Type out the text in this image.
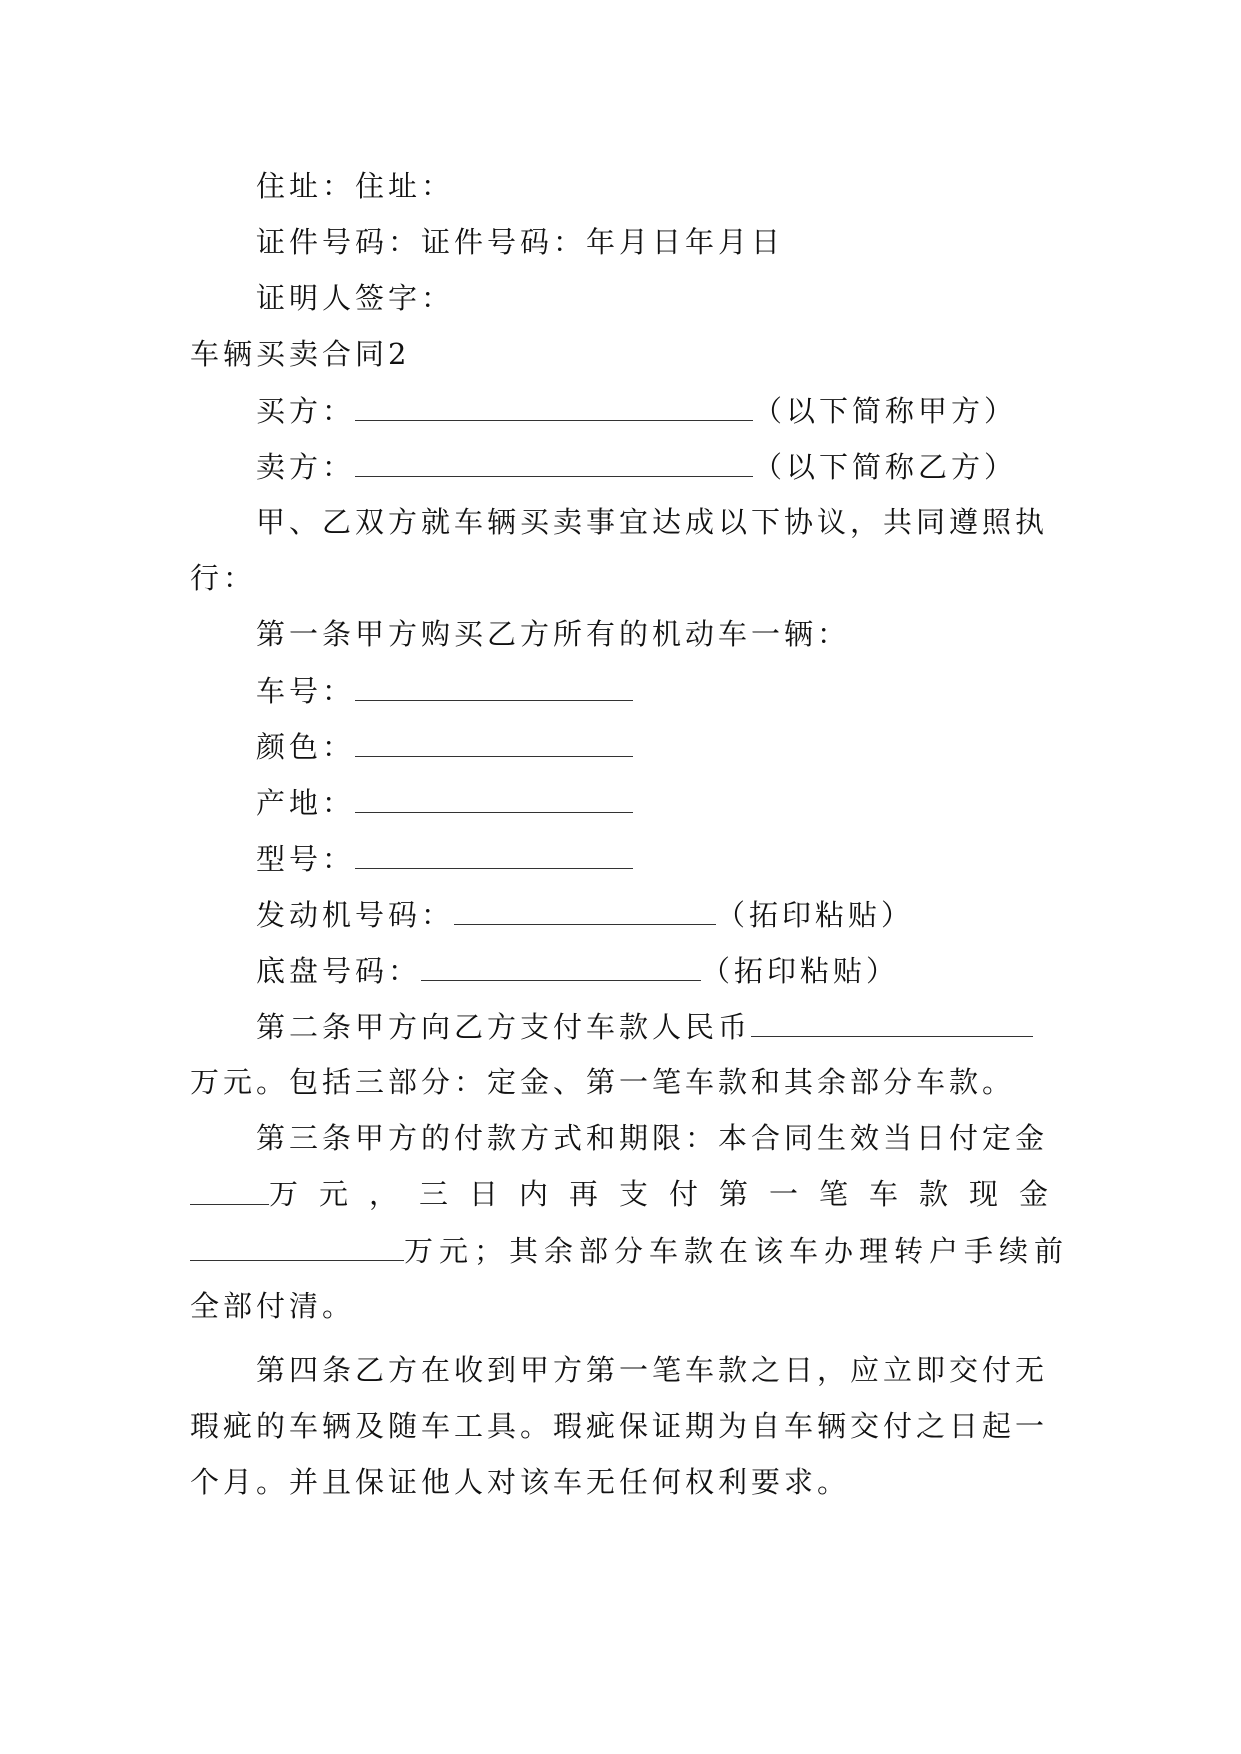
住址：住址：
证件号码：证件号码：年月日年月日
证明人签字：
车辆买卖合同2
买方：	（以下简称甲方）
卖方：	（以下简称乙方）
甲、乙双方就车辆买卖事宜达成以下协议，共同遵照执
行：
第一条甲方购买乙方所有的机动车一辆：
车号：
颜色：
产地：
型号：
发动机号码：	（拓印粘贴）
底盘号码：	（拓印粘贴）
第二条甲方向乙方支付车款人民币
万元。包括三部分：定金、第一笔车款和其余部分车款。
第三条甲方的付款方式和期限：本合同生效当日付定金
万元，三日内再支付第一笔车款现金
万元；其余部分车款在该车办理转户手续前
全部付清。
第四条乙方在收到甲方第一笔车款之日，应立即交付无
瑕疵的车辆及随车工具。瑕疵保证期为自车辆交付之日起一
个月。并且保证他人对该车无任何权利要求。
